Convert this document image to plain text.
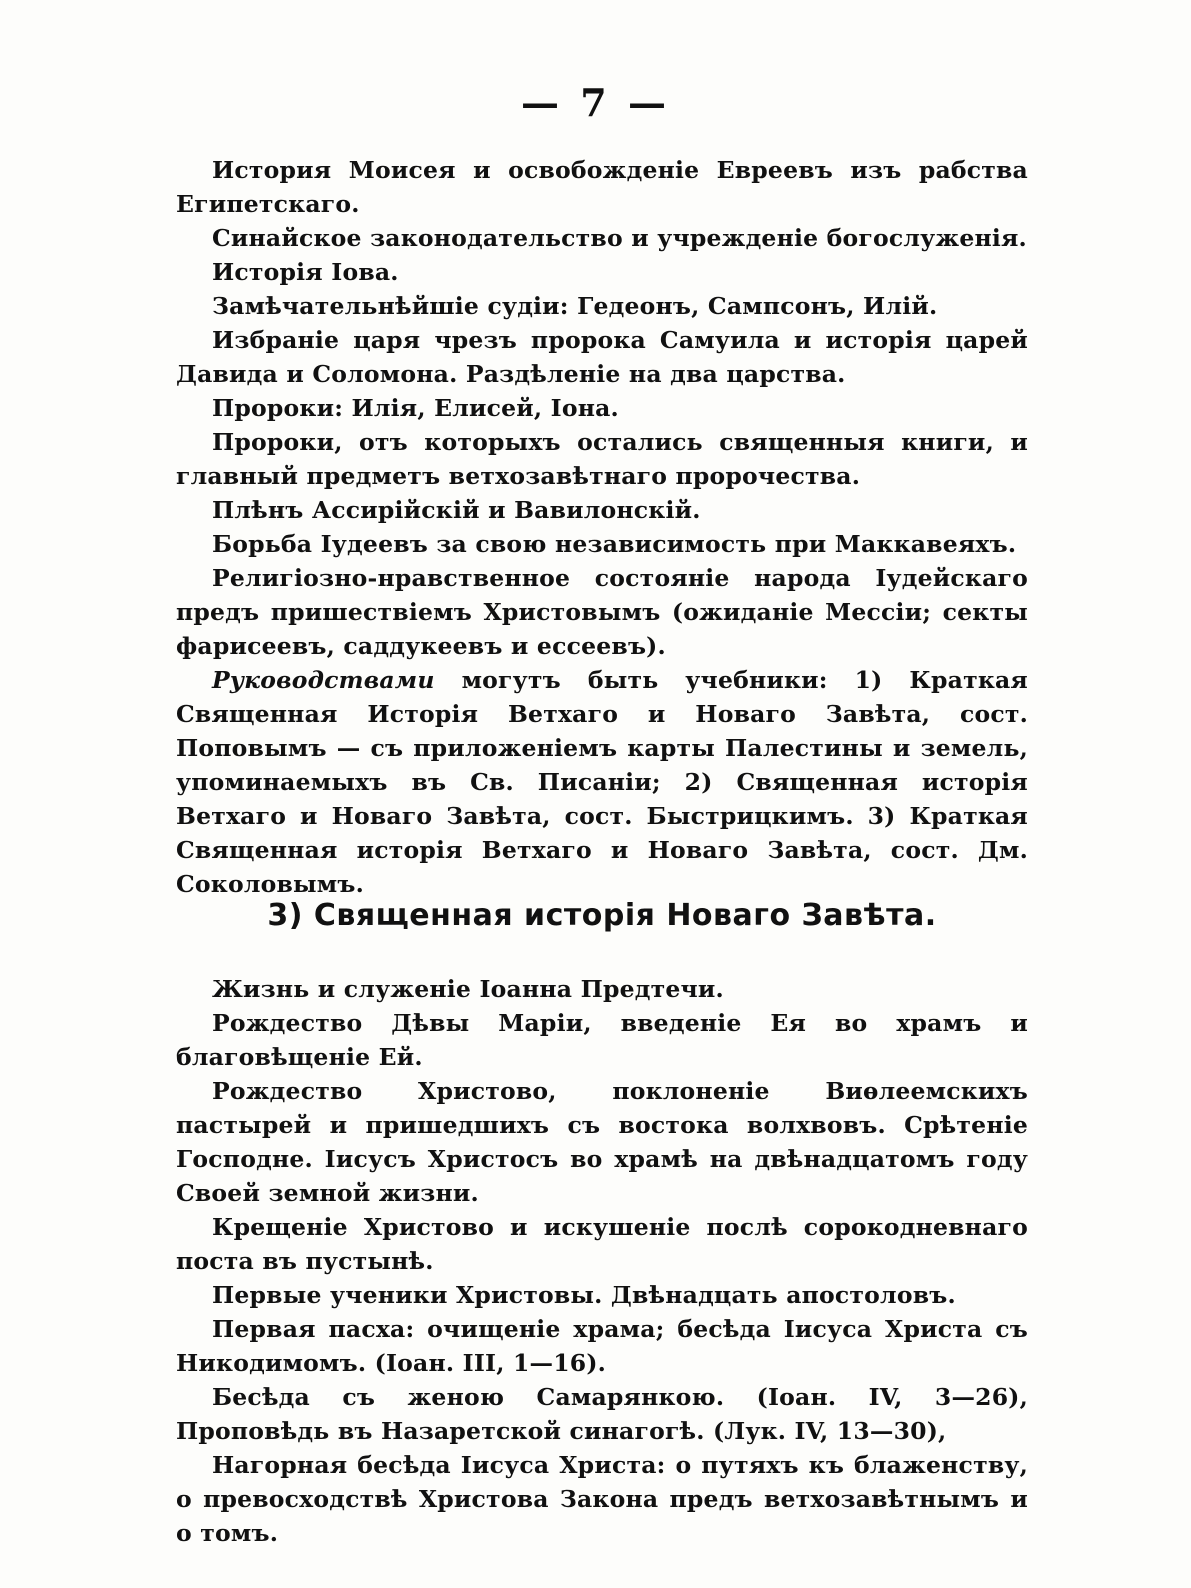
— 7 —

История Моисея и освобожденіе Евреевъ изъ рабства Египетскаго.

Синайское законодательство и учрежденіе богослуженія.

Исторія Іова.

Замѣчательнѣйшіе судіи: Гедеонъ, Сампсонъ, Илій.

Избраніе царя чрезъ пророка Самуила и исторія царей Давида и Соломона. Раздѣленіе на два царства.

Пророки: Илія, Елисей, Іона.

Пророки, отъ которыхъ остались священныя книги, и главный предметъ ветхозавѣтнаго пророчества.

Плѣнъ Ассирійскій и Вавилонскій.

Борьба Іудеевъ за свою независимость при Маккавеяхъ.

Религіозно-нравственное состояніе народа Іудейскаго предъ пришествіемъ Христовымъ (ожиданіе Мессіи; секты фарисеевъ, саддукеевъ и ессеевъ).

Руководствами могутъ быть учебники: 1) Краткая Священная Исторія Ветхаго и Новаго Завѣта, сост. Поповымъ — съ приложеніемъ карты Палестины и земель, упоминаемыхъ въ Св. Писаніи; 2) Священная исторія Ветхаго и Новаго Завѣта, сост. Быстрицкимъ. 3) Краткая Священная исторія Ветхаго и Новаго Завѣта, сост. Дм. Соколовымъ.

3) Священная исторія Новаго Завѣта.

Жизнь и служеніе Іоанна Предтечи.

Рождество Дѣвы Маріи, введеніе Ея во храмъ и благовѣщеніе Ей.

Рождество Христово, поклоненіе Виѳлеемскихъ пастырей и пришедшихъ съ востока волхвовъ. Срѣтеніе Господне. Іисусъ Христосъ во храмѣ на двѣнадцатомъ году Своей земной жизни.

Крещеніе Христово и искушеніе послѣ сорокодневнаго поста въ пустынѣ.

Первые ученики Христовы. Двѣнадцать апостоловъ.

Первая пасха: очищеніе храма; бесѣда Іисуса Христа съ Никодимомъ. (Іоан. III, 1—16).

Бесѣда съ женою Самарянкою. (Іоан. IV, 3—26), Проповѣдь въ Назаретской синагогѣ. (Лук. IV, 13—30),

Нагорная бесѣда Іисуса Христа: о путяхъ къ блаженству, о превосходствѣ Христова Закона предъ ветхозавѣтнымъ и о томъ.
